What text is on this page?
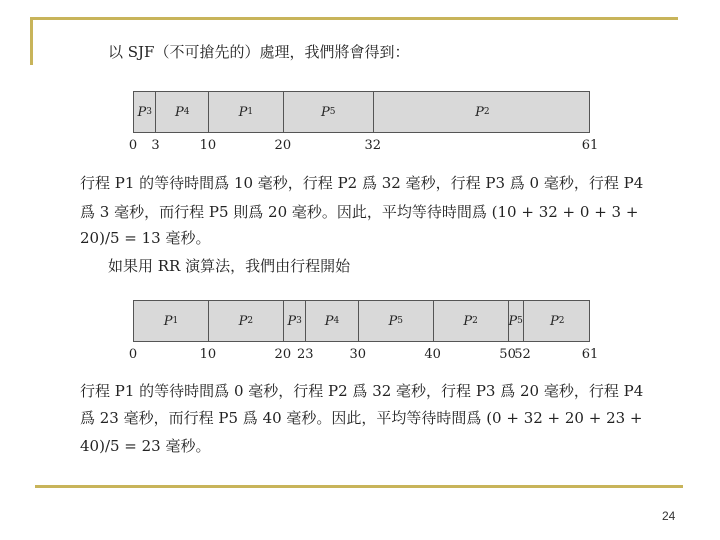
以 SJF（不可搶先的）處理，我們將會得到：
P 3 P 4	P 1	P 5	P 2
0 3	10	20	32	61
行程 P1 的等待時間爲 10 毫秒，行程 P2 爲 32 毫秒，行程 P3 爲 0 毫秒，行程 P4
爲 3 毫秒，而行程 P5 則爲 20 毫秒。因此，平均等待時間爲 (10 + 32 + 0 + 3 +
20)/5 = 13 毫秒。
如果用 RR 演算法，我們由行程開始
P 1	P 2	P 3 P 4	P 5	P 2 P 5 P 2
0	10	20 23	30	40	50
52	61
行程 P1 的等待時間爲 0 毫秒，行程 P2 爲 32 毫秒，行程 P3 爲 20 毫秒，行程 P4
爲 23 毫秒，而行程 P5 爲 40 毫秒。因此，平均等待時間爲 (0 + 32 + 20 + 23 +
40)/5 = 23 毫秒。
24
